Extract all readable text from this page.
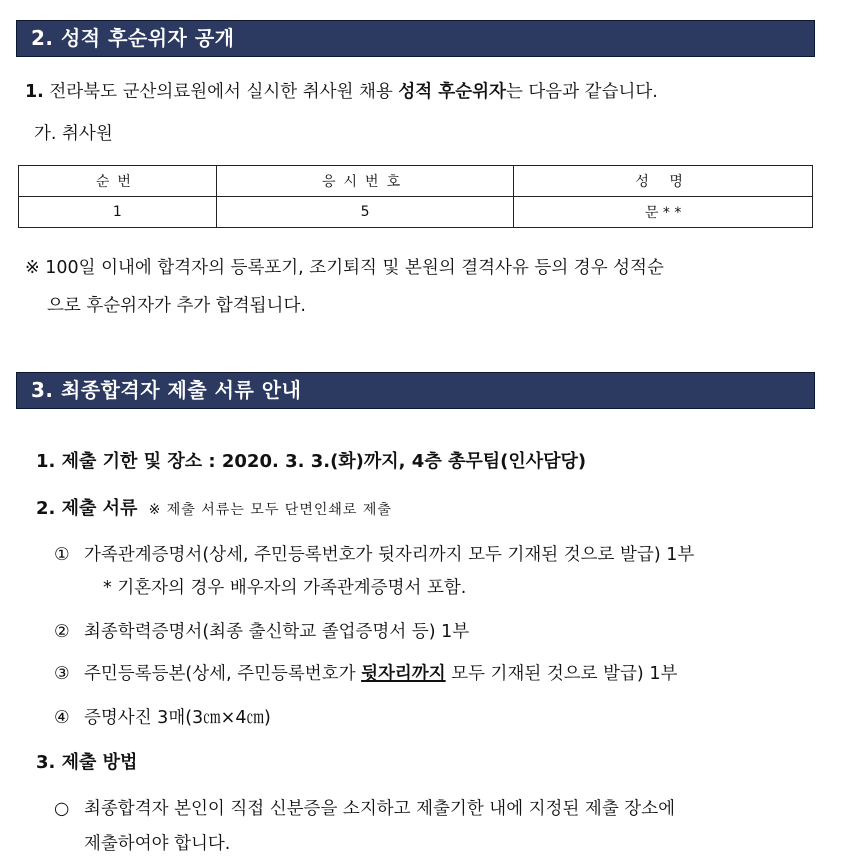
2. 성적 후순위자 공개
1. 전라북도 군산의료원에서 실시한 취사원 채용 성적 후순위자는 다음과 같습니다.
가. 취사원
순번	응시번호	성 명
1	5	문 * *
※ 100일 이내에 합격자의 등록포기, 조기퇴직 및 본원의 결격사유 등의 경우 성적순
으로 후순위자가 추가 합격됩니다.
3. 최종합격자 제출 서류 안내
1. 제출 기한 및 장소 : 2020. 3. 3.(화)까지, 4층 총무팀(인사담당)
2. 제출 서류 ※ 제출 서류는 모두 단면인쇄로 제출
① 가족관계증명서(상세, 주민등록번호가 뒷자리까지 모두 기재된 것으로 발급) 1부
* 기혼자의 경우 배우자의 가족관계증명서 포함.
② 최종학력증명서(최종 출신학교 졸업증명서 등) 1부
③ 주민등록등본(상세, 주민등록번호가 뒷자리까지 모두 기재된 것으로 발급) 1부
④ 증명사진 3매(3㎝×4㎝)
3. 제출 방법
○ 최종합격자 본인이 직접 신분증을 소지하고 제출기한 내에 지정된 제출 장소에
제출하여야 합니다.
